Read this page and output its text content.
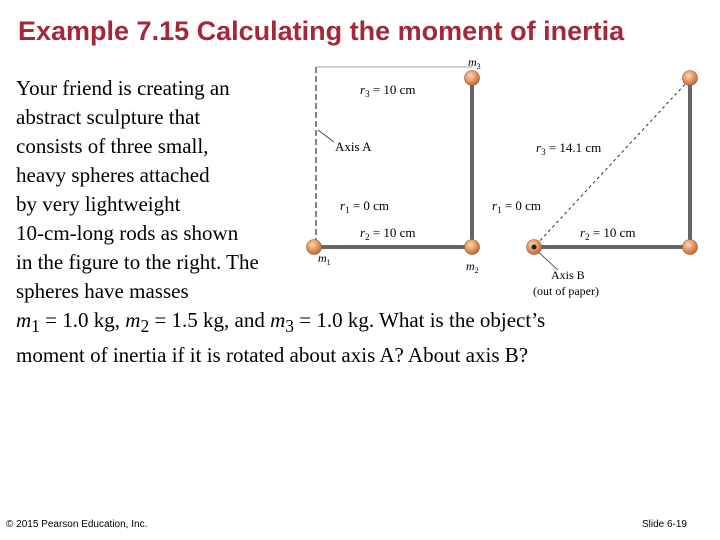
Example 7.15 Calculating the moment of inertia
Your friend is creating an
abstract sculpture that
consists of three small,
heavy spheres attached
by very lightweight
10-cm-long rods as shown
in the figure to the right. The
spheres have masses
$m_1 = 1.0$ kg, $m_2 = 1.5$ kg, and $m_3 = 1.0$ kg. What is the object’s
moment of inertia if it is rotated about axis A? About axis B?
$m_3$
$r_3 = 10$ cm
Axis A
$r_1 = 0$ cm
$r_2 = 10$ cm
$m_1$	$m_2$
$r_3 = 14.1$ cm
$r_1 = 0$ cm
$r_2 = 10$ cm
Axis B
(out of paper)
© 2015 Pearson Education, Inc.	Slide 6-19
